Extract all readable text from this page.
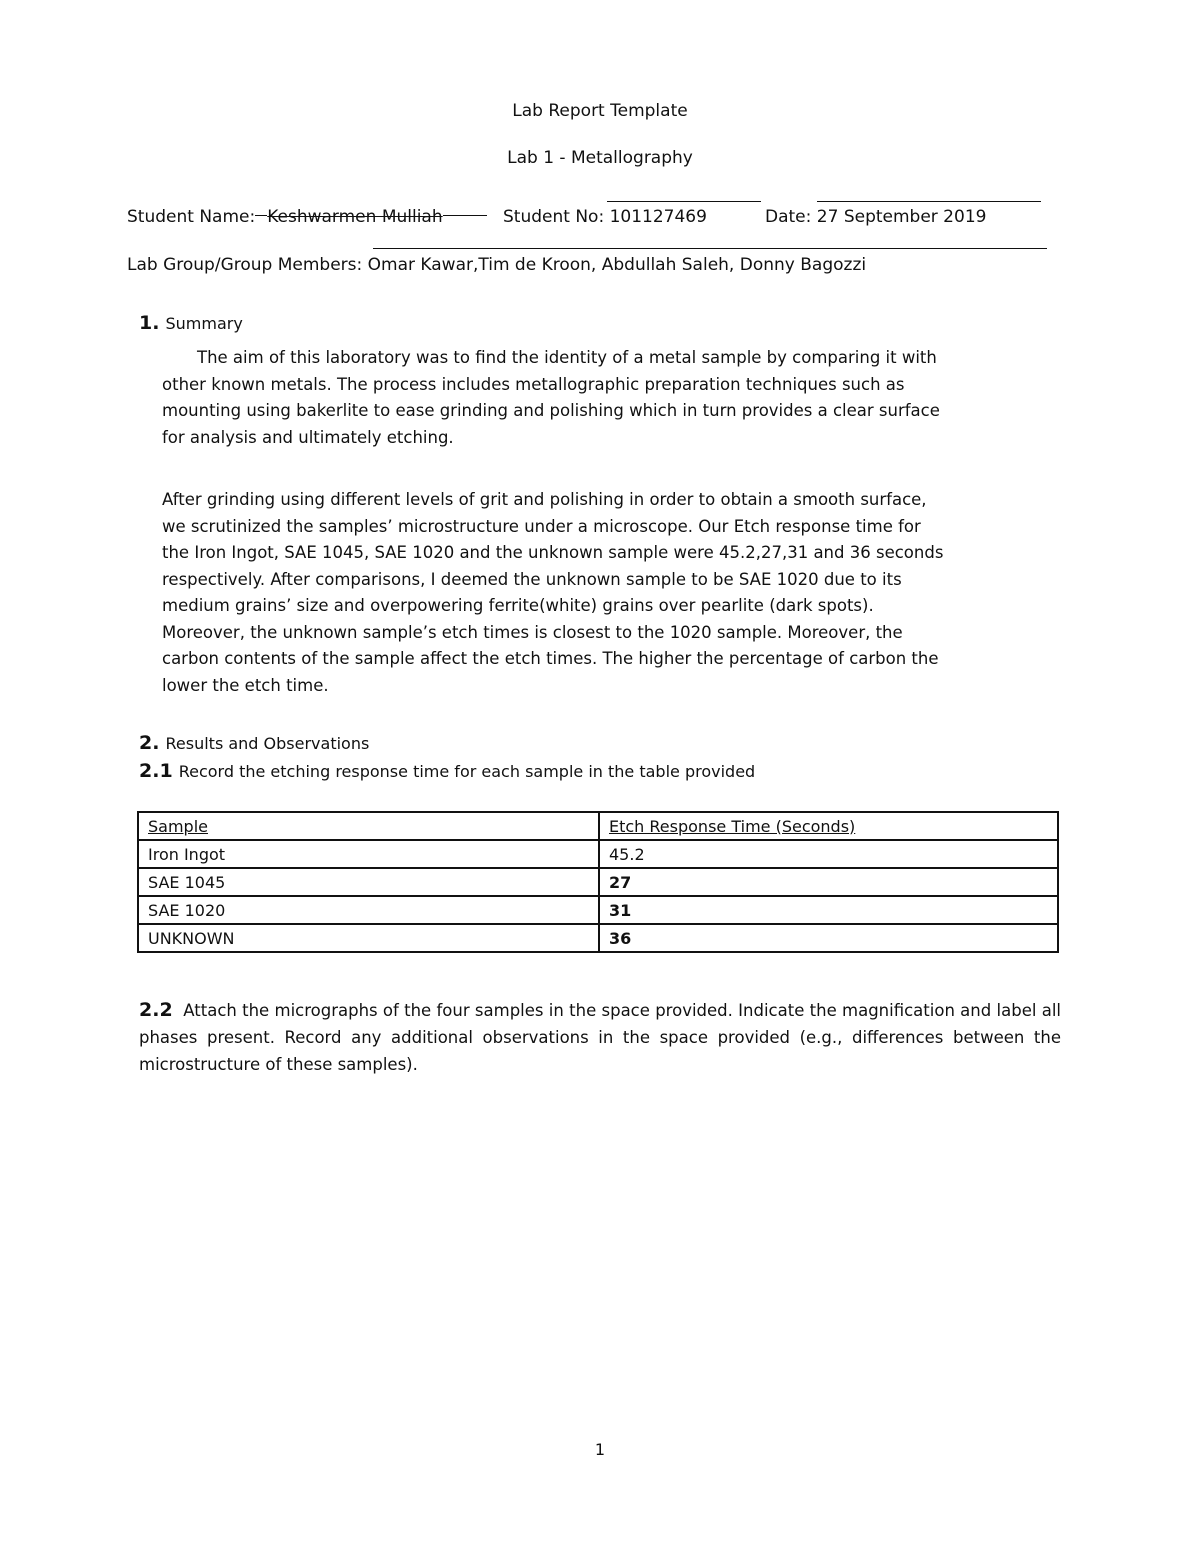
Lab Report Template
Lab 1 - Metallography
Student Name: Keshwarmen Mulliah	Student No: 101127469	Date: 27 September 2019
Lab Group/Group Members: Omar Kawar,Tim de Kroon, Abdullah Saleh, Donny Bagozzi
1. Summary

The aim of this laboratory was to find the identity of a metal sample by comparing it with

other known metals. The process includes metallographic preparation techniques such as

mounting using bakerlite to ease grinding and polishing which in turn provides a clear surface

for analysis and ultimately etching.

After grinding using different levels of grit and polishing in order to obtain a smooth surface,

we scrutinized the samples’ microstructure under a microscope. Our Etch response time for

the Iron Ingot, SAE 1045, SAE 1020 and the unknown sample were 45.2,27,31 and 36 seconds

respectively. After comparisons, I deemed the unknown sample to be SAE 1020 due to its

medium grains’ size and overpowering ferrite(white) grains over pearlite (dark spots).

Moreover, the unknown sample’s etch times is closest to the 1020 sample. Moreover, the

carbon contents of the sample affect the etch times. The higher the percentage of carbon the

lower the etch time.

2. Results and Observations
2.1 Record the etching response time for each sample in the table provided
Sample	Etch Response Time (Seconds)
Iron Ingot	45.2
SAE 1045	27
SAE 1020	31
UNKNOWN	36
2.2 Attach the micrographs of the four samples in the space provided. Indicate the magnification and label all phases present. Record any additional observations in the space provided (e.g., differences between the microstructure of these samples).
1
